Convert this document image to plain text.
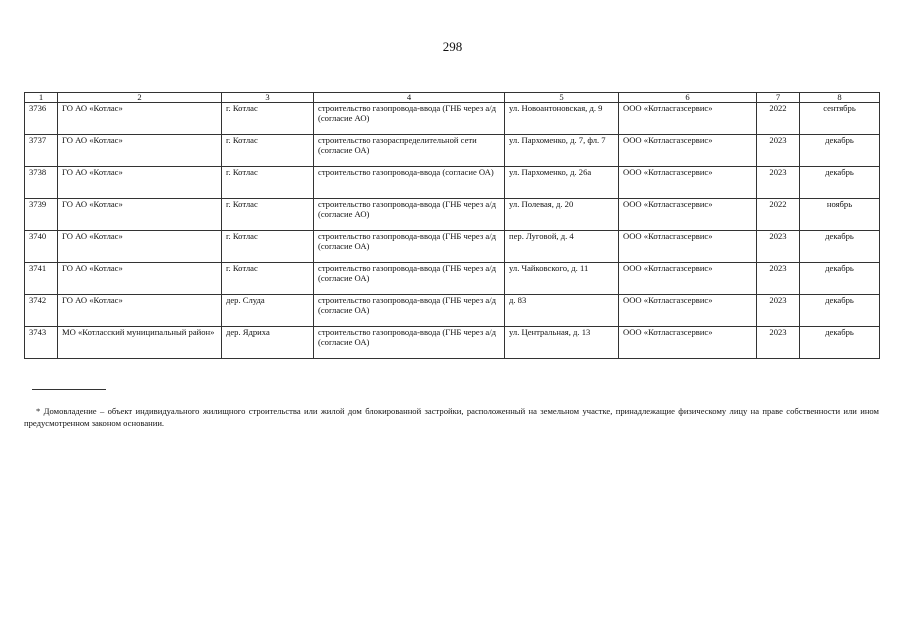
298
1	2	3	4	5	6	7	8
3736	ГО АО «Котлас»	г. Котлас	строительство газопровода-ввода (ГНБ через а/д (согласие АО)	ул. Новоантоновская, д. 9	ООО «Котласгазсервис»	2022	сентябрь
3737	ГО АО «Котлас»	г. Котлас	строительство газораспределительной сети (согласие ОА)	ул. Пархоменко, д. 7, фл. 7	ООО «Котласгазсервис»	2023	декабрь
3738	ГО АО «Котлас»	г. Котлас	строительство газопровода-ввода (согласие ОА)	ул. Пархоменко, д. 26а	ООО «Котласгазсервис»	2023	декабрь
3739	ГО АО «Котлас»	г. Котлас	строительство газопровода-ввода (ГНБ через а/д (согласие АО)	ул. Полевая, д. 20	ООО «Котласгазсервис»	2022	ноябрь
3740	ГО АО «Котлас»	г. Котлас	строительство газопровода-ввода (ГНБ через а/д (согласие ОА)	пер. Луговой, д. 4	ООО «Котласгазсервис»	2023	декабрь
3741	ГО АО «Котлас»	г. Котлас	строительство газопровода-ввода (ГНБ через а/д (согласие ОА)	ул. Чайковского, д. 11	ООО «Котласгазсервис»	2023	декабрь
3742	ГО АО «Котлас»	дер. Слуда	строительство газопровода-ввода (ГНБ через а/д (согласие ОА)	д. 83	ООО «Котласгазсервис»	2023	декабрь
3743	МО «Котласский муниципальный район»	дер. Ядриха	строительство газопровода-ввода (ГНБ через а/д (согласие ОА)	ул. Центральная, д. 13	ООО «Котласгазсервис»	2023	декабрь
* Домовладение – объект индивидуального жилищного строительства или жилой дом блокированной застройки, расположенный на земельном участке, принадлежащие физическому лицу на праве собственности или ином предусмотренном законом основании.
